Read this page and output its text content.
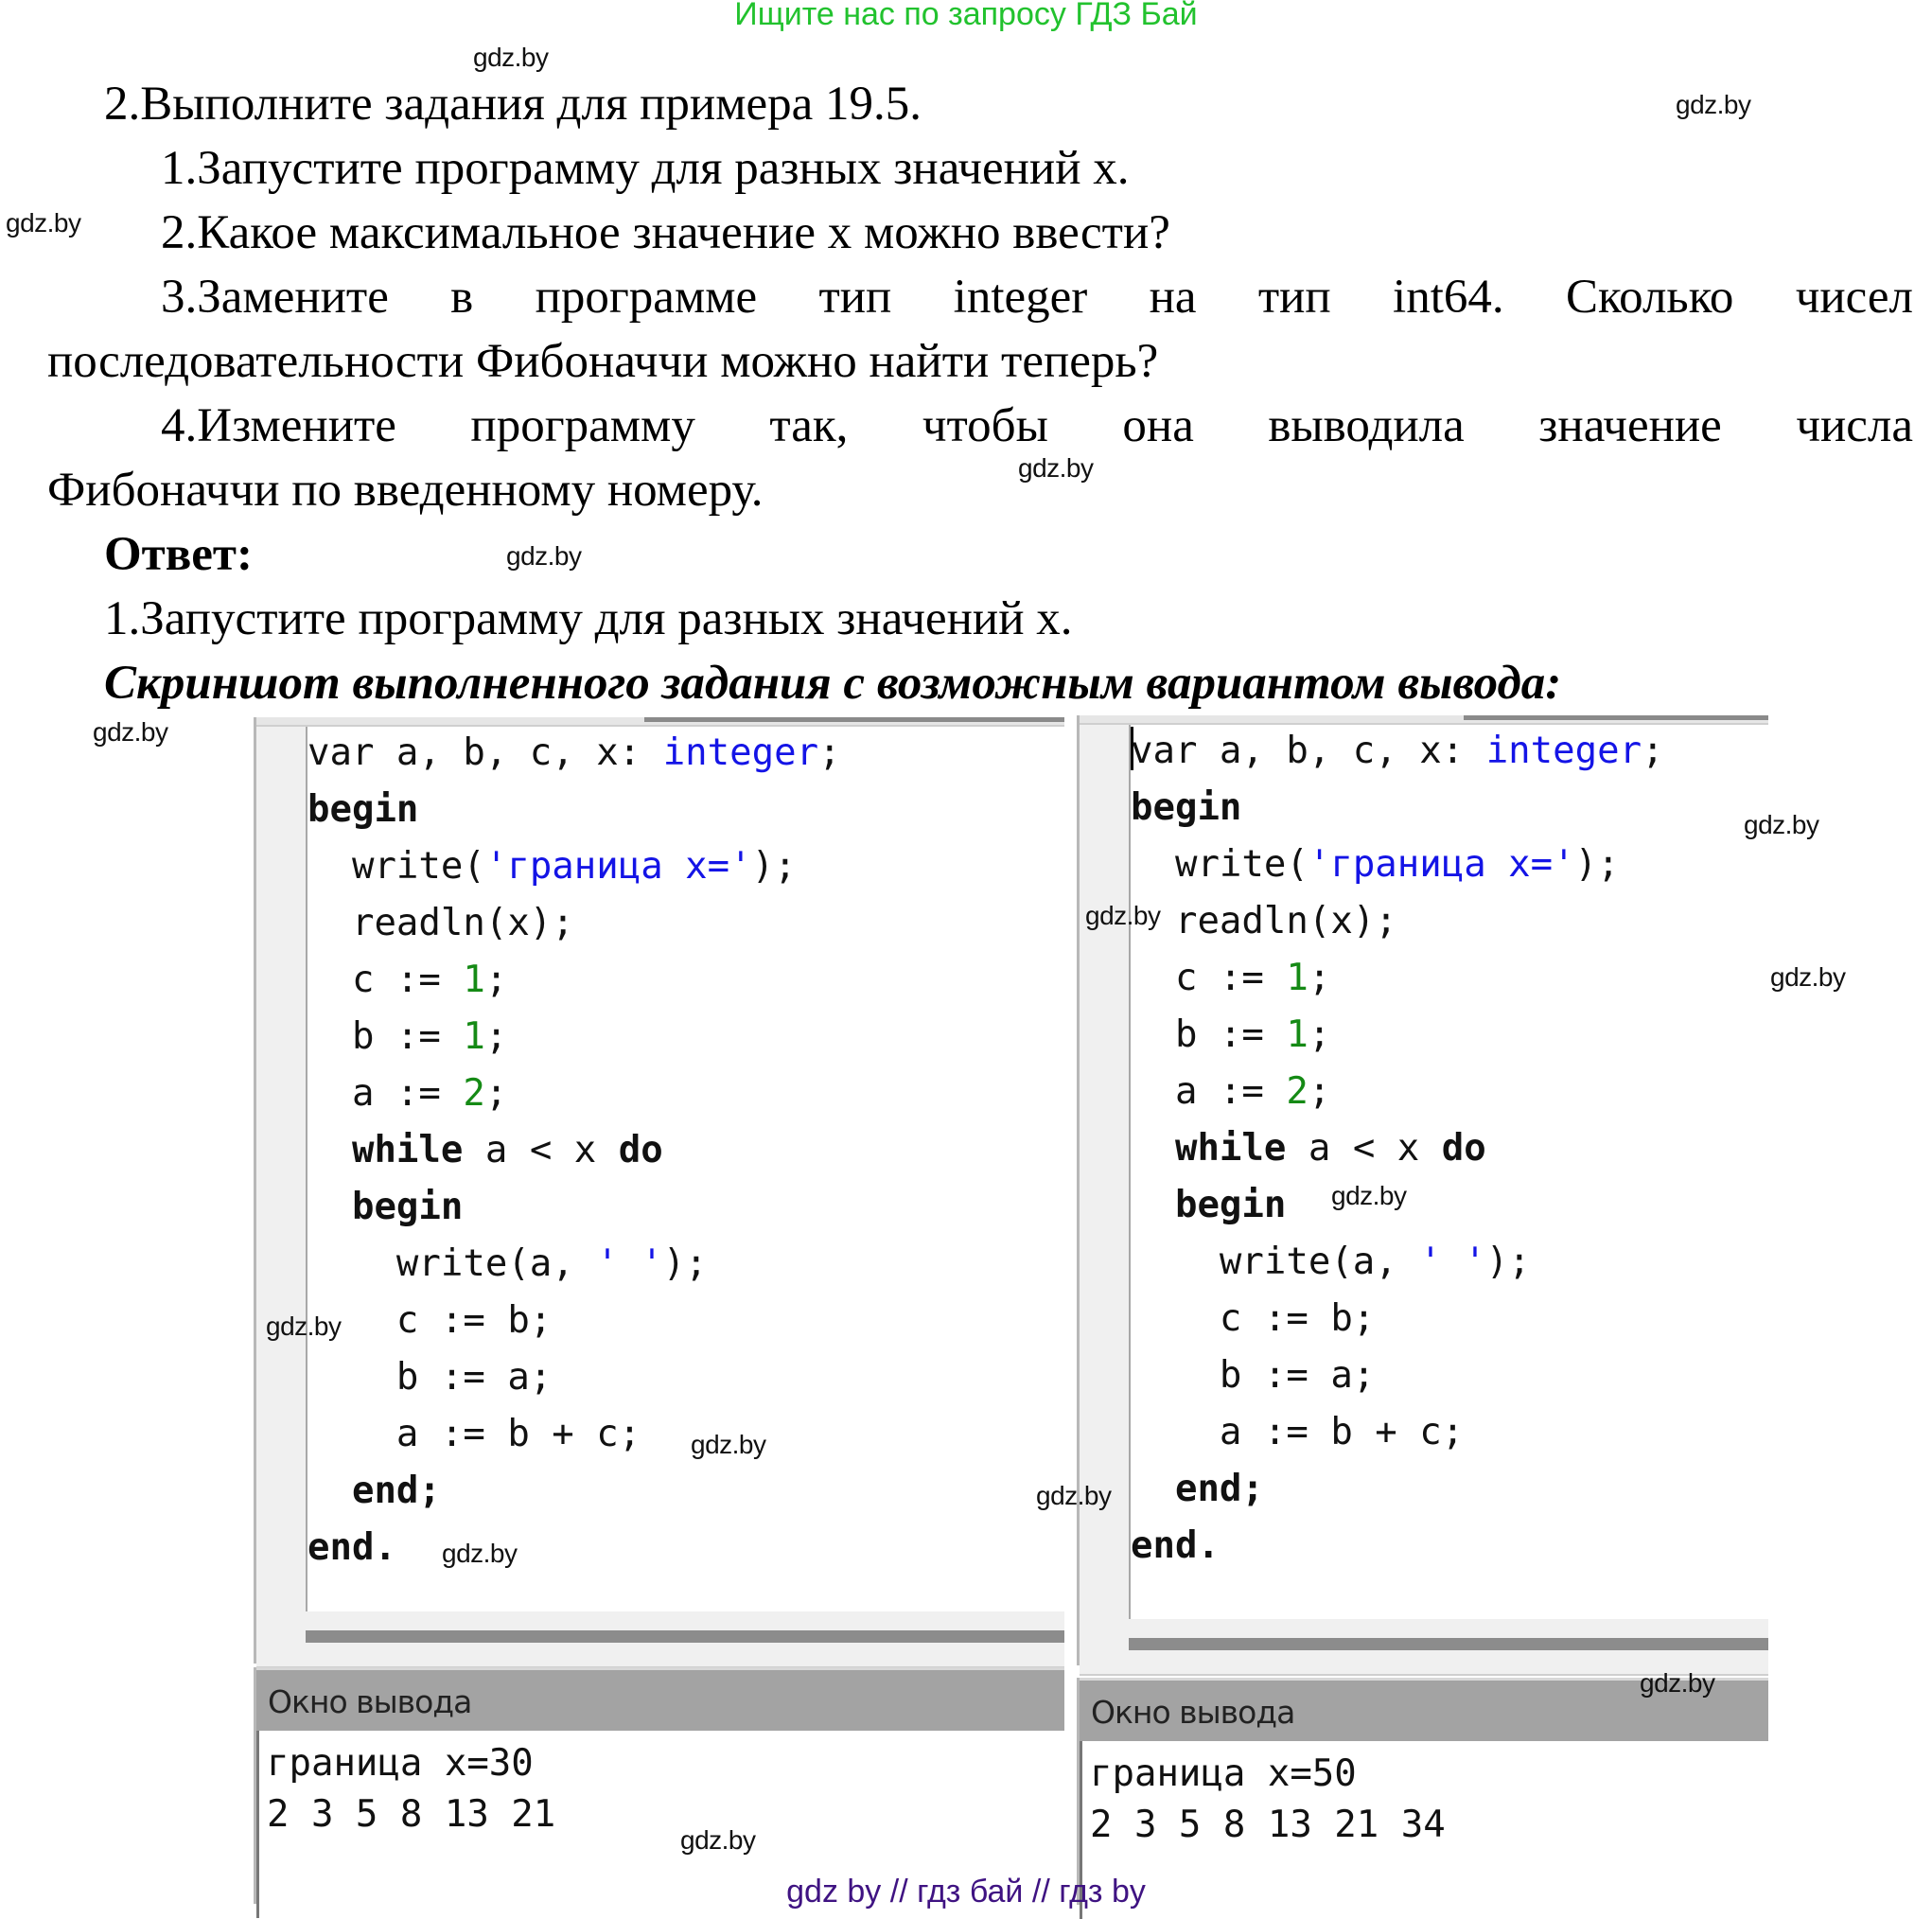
Ищите нас по запросу ГДЗ Бай
gdz.by
gdz.by
gdz.by
gdz.by
gdz.by
gdz.by
2.Выполните задания для примера 19.5.
1.Запустите программу для разных значений x.
2.Какое максимальное значение x можно ввести?
3.Замените в программе тип integer на тип int64. Сколько чисел
последовательности Фибоначчи можно найти теперь?
4.Измените программу так, чтобы она выводила значение числа
Фибоначчи по введенному номеру.
Ответ:
1.Запустите программу для разных значений x.
Скриншот выполненного задания с возможным вариантом вывода:
var a, b, c, x: integer;
begin
write('граница x=');
readln(x);
c := 1;
b := 1;
a := 2;
while a < x do
begin
write(a, ' ');
c := b;
b := a;
a := b + c;
end;
end.
Окно вывода
граница x=30
2 3 5 8 13 21
var a, b, c, x: integer;
begin
write('граница x=');
readln(x);
c := 1;
b := 1;
a := 2;
while a < x do
begin
write(a, ' ');
c := b;
b := a;
a := b + c;
end;
end.
Окно вывода
граница x=50
2 3 5 8 13 21 34
gdz.by
gdz.by
gdz.by
gdz.by
gdz.by
gdz.by
gdz.by
gdz.by
gdz.by
gdz.by
gdz by // гдз бай // гдз by
